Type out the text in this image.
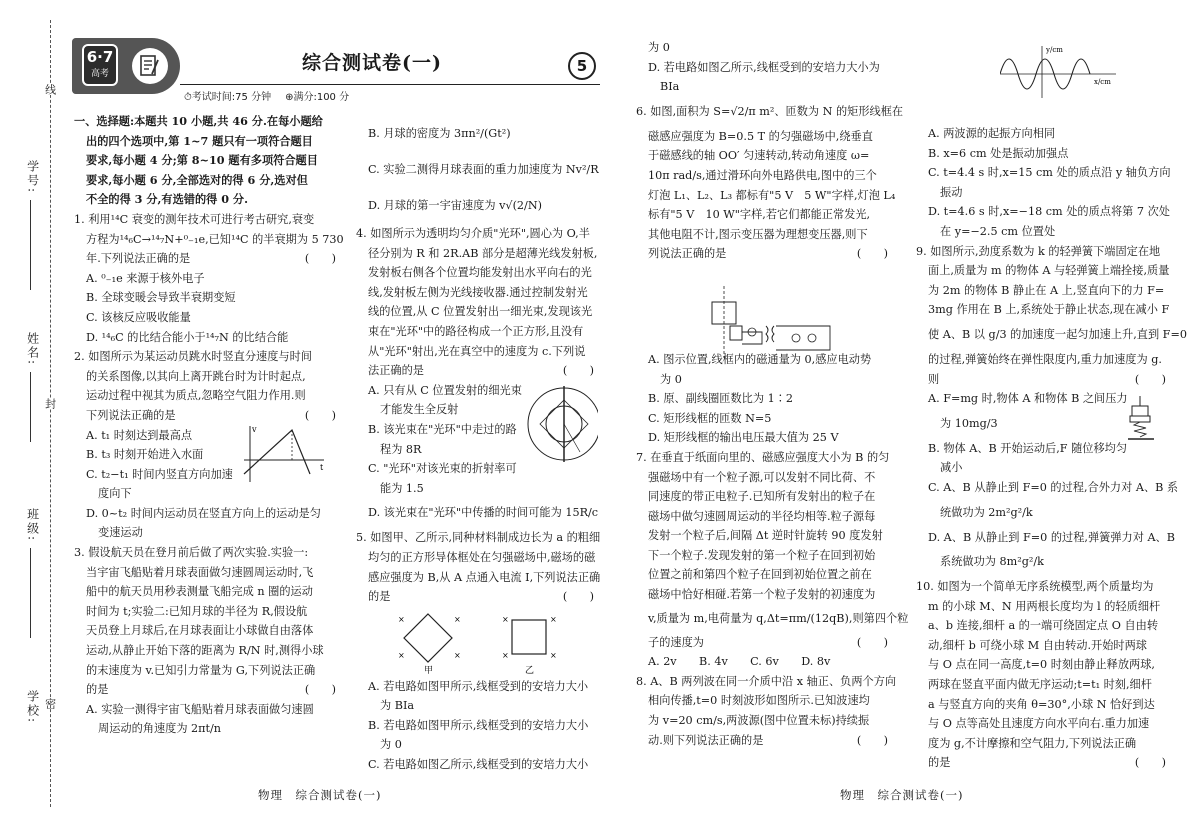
学号:
姓名:
班级:
学校:
线
封
密
6·7
高考	综合测试卷(一)	5
⏱考试时间:75 分钟 ⊕满分:100 分

一、选择题:本题共 10 小题,共 46 分.在每小题给

出的四个选项中,第 1~7 题只有一项符合题目

要求,每小题 4 分;第 8~10 题有多项符合题目

要求,每小题 6 分,全部选对的得 6 分,选对但

不全的得 3 分,有选错的得 0 分.

1. 利用¹⁴C 衰变的测年技术可进行考古研究,衰变

方程为¹⁴₆C→¹⁴₇N+⁰₋₁e,已知¹⁴C 的半衰期为 5 730

年.下列说法正确的是	(　　)

A. ⁰₋₁e 来源于核外电子

B. 全球变暖会导致半衰期变短

C. 该核反应吸收能量

D. ¹⁴₆C 的比结合能小于¹⁴₇N 的比结合能

2. 如图所示为某运动员跳水时竖直分速度与时间

的关系图像,以其向上离开跳台时为计时起点,

运动过程中视其为质点,忽略空气阻力作用.则

下列说法正确的是	(　　)

A. t₁ 时刻达到最高点

B. t₃ 时刻开始进入水面

C. t₂−t₁ 时间内竖直方向加速

度向下

D. 0~t₂ 时间内运动员在竖直方向上的运动是匀

变速运动

3. 假设航天员在登月前后做了两次实验.实验一:

当宇宙飞船贴着月球表面做匀速圆周运动时,飞

船中的航天员用秒表测量飞船完成 n 圈的运动

时间为 t;实验二:已知月球的半径为 R,假设航

天员登上月球后,在月球表面让小球做自由落体

运动,从静止开始下落的距离为 R/N 时,测得小球

的末速度为 v.已知引力常量为 G,下列说法正确

的是	(　　)

A. 实验一测得宇宙飞船贴着月球表面做匀速圆

周运动的角速度为 2πt/n

v
t

B. 月球的密度为 3πn²/(Gt²)

C. 实验二测得月球表面的重力加速度为 Nv²/R

D. 月球的第一宇宙速度为 v√(2/N)

4. 如图所示为透明均匀介质"光环",圆心为 O,半

径分别为 R 和 2R.AB 部分是超薄光线发射板,

发射板右侧各个位置均能发射出水平向右的光

线,发射板左侧为光线接收器.通过控制发射光

线的位置,从 C 位置发射出一细光束,发现该光

束在"光环"中的路径构成一个正方形,且没有

从"光环"射出,光在真空中的速度为 c.下列说

法正确的是	(　　)

A. 只有从 C 位置发射的细光束

才能发生全反射

B. 该光束在"光环"中走过的路

程为 8R

C. "光环"对该光束的折射率可

能为 1.5

D. 该光束在"光环"中传播的时间可能为 15R/c

5. 如图甲、乙所示,同种材料制成边长为 a 的粗细

均匀的正方形导体框处在匀强磁场中,磁场的磁

感应强度为 B,从 A 点通入电流 I,下列说法正确

的是	(　　)

A. 若电路如图甲所示,线框受到的安培力大小

为 BIa

B. 若电路如图甲所示,线框受到的安培力大小

为 0

C. 若电路如图乙所示,线框受到的安培力大小

×	×
×	×
×	×
×	×
甲	乙

为 0

D. 若电路如图乙所示,线框受到的安培力大小为

BIa

6. 如图,面积为 S=√2/π m²、匝数为 N 的矩形线框在

磁感应强度为 B=0.5 T 的匀强磁场中,绕垂直

于磁感线的轴 OO′ 匀速转动,转动角速度 ω=

10π rad/s,通过滑环向外电路供电,图中的三个

灯泡 L₁、L₂、L₃ 都标有"5 V　5 W"字样,灯泡 L₄

标有"5 V　10 W"字样,若它们都能正常发光,

其他电阻不计,图示变压器为理想变压器,则下

列说法正确的是	(　　)

A. 图示位置,线框内的磁通量为 0,感应电动势

为 0

B. 原、副线圈匝数比为 1∶2

C. 矩形线框的匝数 N=5

D. 矩形线框的输出电压最大值为 25 V

7. 在垂直于纸面向里的、磁感应强度大小为 B 的匀

强磁场中有一个粒子源,可以发射不同比荷、不

同速度的带正电粒子.已知所有发射出的粒子在

磁场中做匀速圆周运动的半径均相等.粒子源每

发射一个粒子后,间隔 Δt 逆时针旋转 90 度发射

下一个粒子.发现发射的第一个粒子在回到初始

位置之前和第四个粒子在回到初始位置之前在

磁场中恰好相碰.若第一个粒子发射的初速度为

v,质量为 m,电荷量为 q,Δt=πm/(12qB),则第四个粒

子的速度为	(　　)

A. 2v　　B. 4v　　C. 6v　　D. 8v

8. A、B 两列波在同一介质中沿 x 轴正、负两个方向

相向传播,t=0 时刻波形如图所示.已知波速均

为 v=20 cm/s,两波源(图中位置未标)持续振

动.则下列说法正确的是	(　　)

y/cm
x/cm

A. 两波源的起振方向相同

B. x=6 cm 处是振动加强点

C. t=4.4 s 时,x=15 cm 处的质点沿 y 轴负方向

振动

D. t=4.6 s 时,x=−18 cm 处的质点将第 7 次处

在 y=−2.5 cm 位置处

9. 如图所示,劲度系数为 k 的轻弹簧下端固定在地

面上,质量为 m 的物体 A 与轻弹簧上端拴接,质量

为 2m 的物体 B 静止在 A 上,竖直向下的力 F=

3mg 作用在 B 上,系统处于静止状态,现在减小 F

使 A、B 以 g/3 的加速度一起匀加速上升,直到 F=0

的过程,弹簧始终在弹性限度内,重力加速度为 g.

则	(　　)

A. F=mg 时,物体 A 和物体 B 之间压力

为 10mg/3

B. 物体 A、B 开始运动后,F 随位移均匀

减小

C. A、B 从静止到 F=0 的过程,合外力对 A、B 系

统做功为 2m²g²/k

D. A、B 从静止到 F=0 的过程,弹簧弹力对 A、B

系统做功为 8m²g²/k

10. 如图为一个简单无序系统模型,两个质量均为

m 的小球 M、N 用两根长度均为 l 的轻质细杆

a、b 连接,细杆 a 的一端可绕固定点 O 自由转

动,细杆 b 可绕小球 M 自由转动.开始时两球

与 O 点在同一高度,t=0 时刻由静止释放两球,

两球在竖直平面内做无序运动;t=t₁ 时刻,细杆

a 与竖直方向的夹角 θ=30°,小球 N 恰好到达

与 O 点等高处且速度方向水平向右.重力加速

度为 g,不计摩擦和空气阻力,下列说法正确

的是	(　　)

物理　综合测试卷(一)	物理　综合测试卷(一)
